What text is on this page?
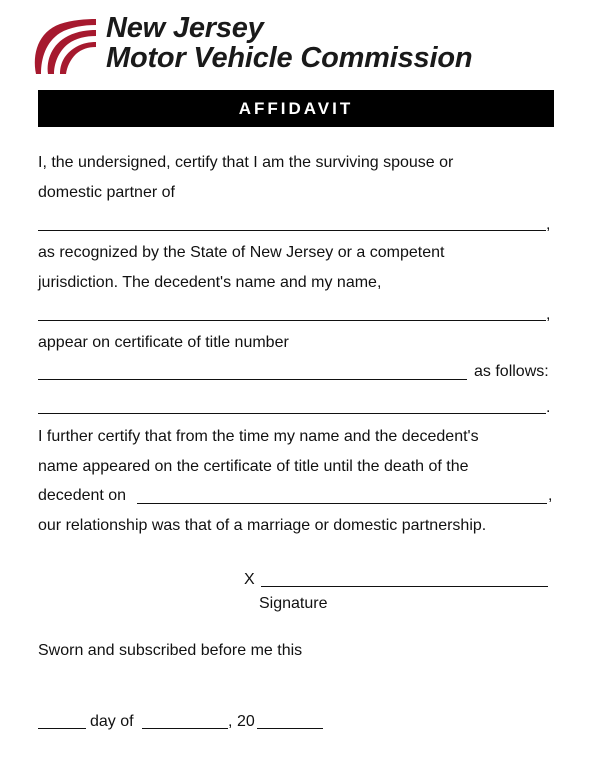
New Jersey
Motor Vehicle Commission
AFFIDAVIT
I, the undersigned, certify that I am the surviving spouse or
domestic partner of
,
as recognized by the State of New Jersey or a competent
jurisdiction. The decedent's name and my name,
,
appear on certificate of title number
as follows:
.
I further certify that from the time my name and the decedent's
name appeared on the certificate of title until the death of the
decedent on	,
our relationship was that of a marriage or domestic partnership.
X
Signature
Sworn and subscribed before me this
day of	, 20
